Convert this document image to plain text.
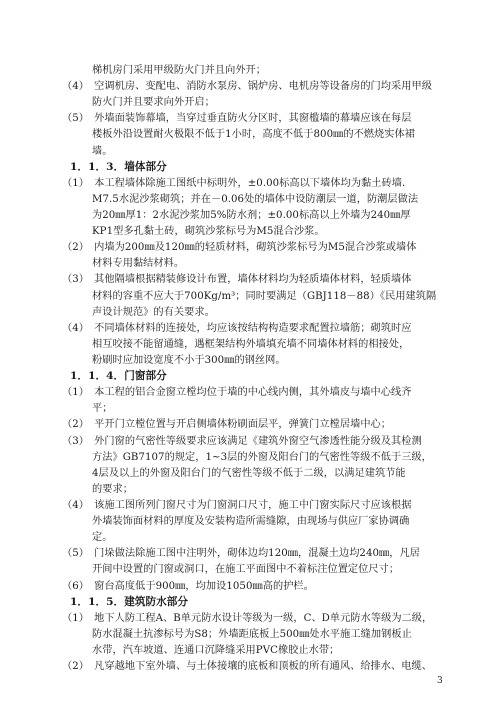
梯机房门采用甲级防火门并且向外开；
（4）　空调机房、变配电、消防水泵房、锅炉房、电机房等设备房的门均采用甲级
防火门并且要求向外开启；
（5）　外墙面装饰幕墙，当穿过垂直防火分区时，其窗槛墙的幕墙应该在每层
楼板外沿设置耐火极限不低于1小时，高度不低于800㎜的不燃烧实体裙
墙。
1．1．3．墙体部分
（1）　本工程墙体除施工图纸中标明外，±0.00标高以下墙体均为黏土砖墙．
M7.5水泥沙浆砌筑；并在－0.06处的墙体中设防潮层一道，防潮层做法
为20㎜厚1：2水泥沙浆加5%防水剂；±0.00标高以上外墙为240㎜厚
KP1型多孔黏土砖，砌筑沙浆标号为M5混合沙浆。
（2）　内墙为200㎜及120㎜的轻质材料，砌筑沙浆标号为M5混合沙浆或墙体
材料专用黏结材料。
（3）　其他隔墙根据精装修设计布置，墙体材料均为轻质墙体材料，轻质墙体
材料的容重不应大于700Kg/m³；同时要满足（GBJ118－88）《民用建筑隔
声设计规范》的有关要求。
（4）　不同墙体材料的连接处，均应该按结构构造要求配置拉墙筋；砌筑时应
相互咬接不能留通缝，遇框架结构外墙填充墙不同墙体材料的相接处，
粉刷时应加设宽度不小于300㎜的钢丝网。
1．1．4．门窗部分
（1）　本工程的铝合金窗立樘均位于墙的中心线内侧，其外墙皮与墙中心线齐
平；
（2）　平开门立樘位置与开启侧墙体粉刷面层平，弹簧门立樘居墙中心；
（3）　外门窗的气密性等级要求应该满足《建筑外窗空气渗透性能分级及其检测
方法》GB7107的规定，1~3层的外窗及阳台门的气密性等级不低于三级，
4层及以上的外窗及阳台门的气密性等级不低于二级，以满足建筑节能
的要求；
（4）　该施工图所列门窗尺寸为门窗洞口尺寸，施工中门窗实际尺寸应该根据
外墙装饰面材料的厚度及安装构造所需缝隙，由现场与供应厂家协调确
定。
（5）　门垛做法除施工图中注明外，砌体边均120㎜，混凝土边均240㎜，凡居
开间中设置的门窗或洞口，在施工平面图中不着标注位置定位尺寸；
（6）　窗台高度低于900㎜，均加设1050㎜高的护栏。
1．1．5．建筑防水部分
（1）　地下人防工程A、B单元防水设计等级为一级，C、D单元防水等级为二级，
防水混凝土抗渗标号为S8；外墙距底板上500㎜处水平施工缝加钢板止
水带，汽车坡道、连通口沉降缝采用PVC橡胶止水带；
（2）　凡穿越地下室外墙、与土体接壤的底板和顶板的所有通风、给排水、电缆、
3
